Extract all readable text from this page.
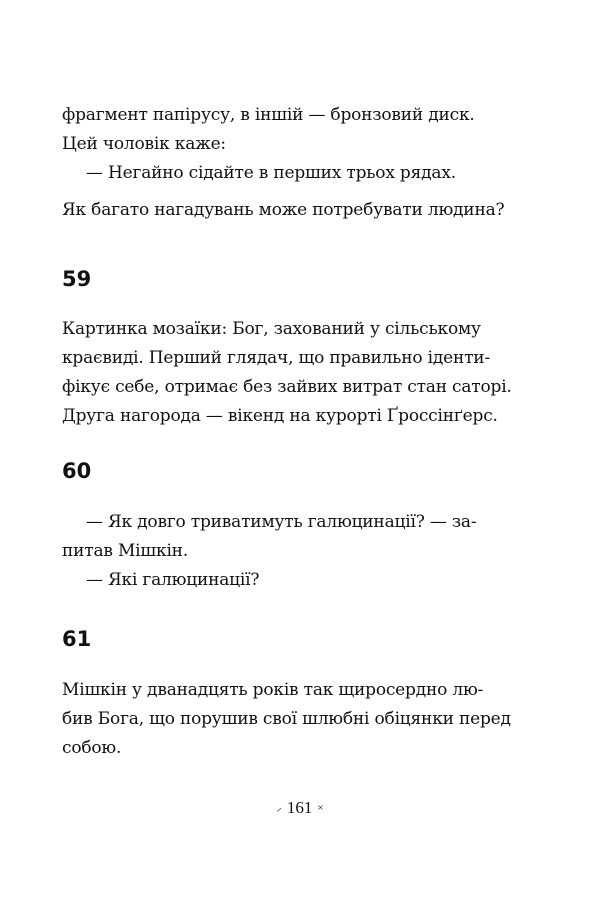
фрагмент папірусу, в іншій — бронзовий диск.
Цей чоловік каже:
— Негайно сідайте в перших трьох рядах.
Як багато нагадувань може потребувати людина?
59
Картинка мозаїки: Бог, захований у сільському
краєвиді. Перший глядач, що правильно іденти-
фікує себе, отримає без зайвих витрат стан саторі.
Друга нагорода — вікенд на курорті Ґроссінґерс.
60
— Як довго триватимуть галюцинації? — за-
питав Мішкін.
— Які галюцинації?
61
Мішкін у дванадцять років так щиросердно лю-
бив Бога, що порушив свої шлюбні обіцянки перед
собою.
⸝ 161 ×
